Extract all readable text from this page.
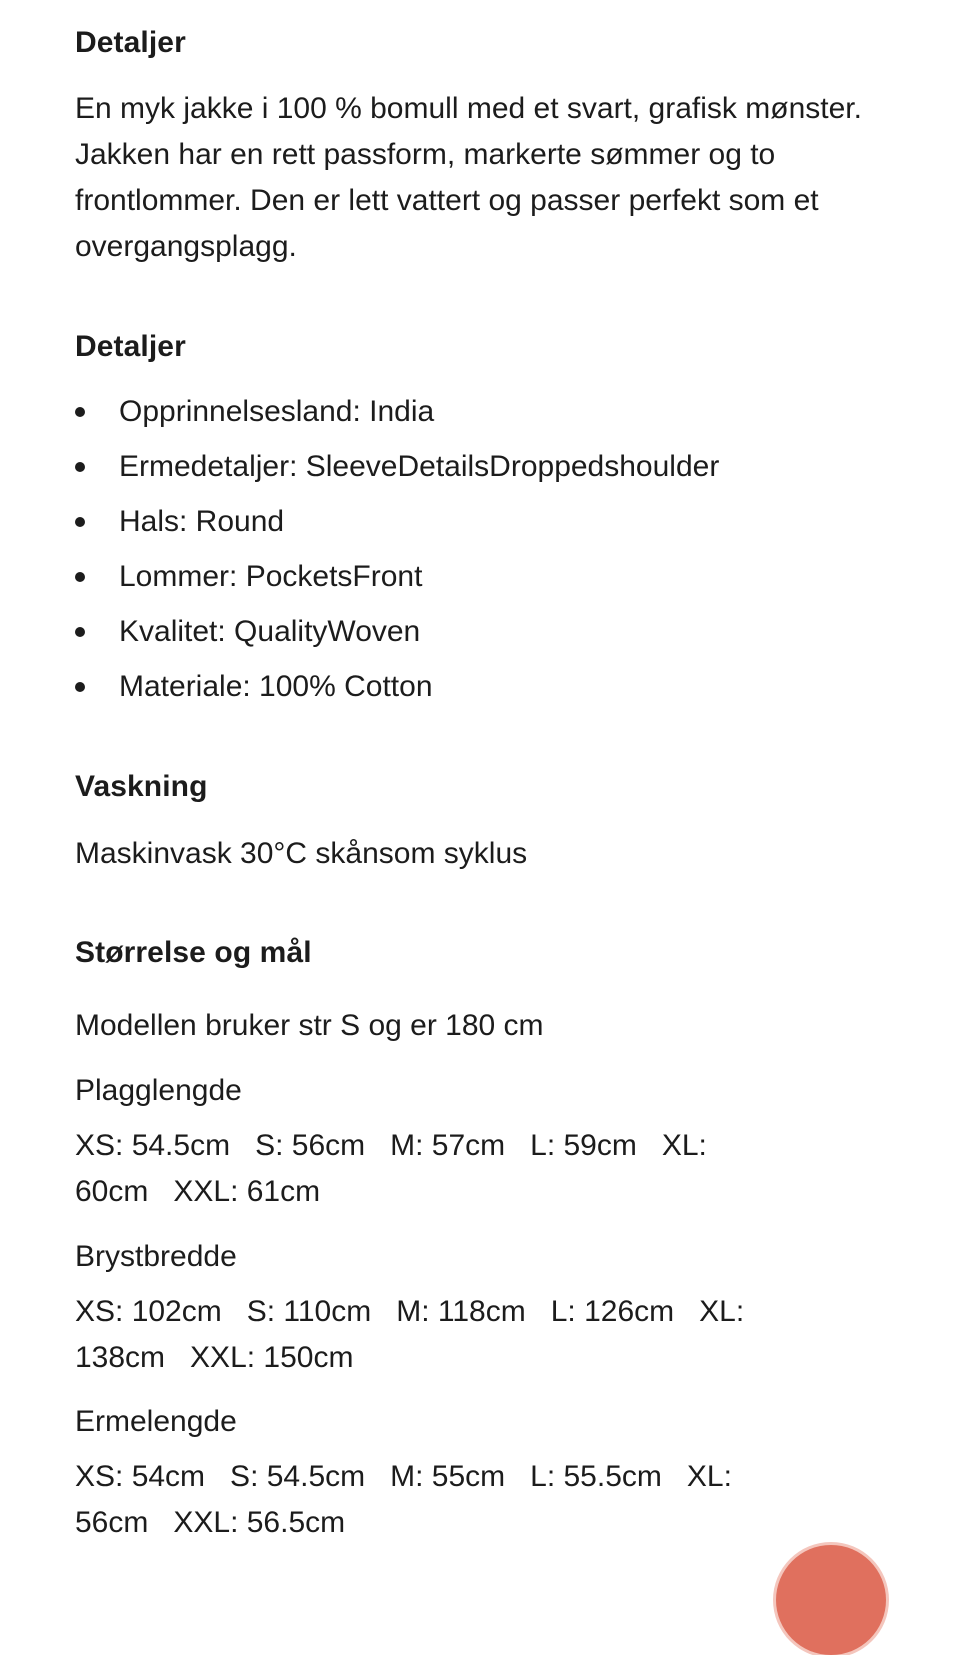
Detaljer

En myk jakke i 100 % bomull med et svart, grafisk mønster. Jakken har en rett passform, markerte sømmer og to frontlommer. Den er lett vattert og passer perfekt som et overgangsplagg.

Detaljer
Opprinnelsesland: India
Ermedetaljer: SleeveDetailsDroppedshoulder
Hals: Round
Lommer: PocketsFront
Kvalitet: QualityWoven
Materiale: 100% Cotton
Vaskning

Maskinvask 30°C skånsom syklus

Størrelse og mål

Modellen bruker str S og er 180 cm

Plagglengde

XS: 54.5cm   S: 56cm   M: 57cm   L: 59cm   XL:
60cm   XXL: 61cm

Brystbredde

XS: 102cm   S: 110cm   M: 118cm   L: 126cm   XL:
138cm   XXL: 150cm

Ermelengde

XS: 54cm   S: 54.5cm   M: 55cm   L: 55.5cm   XL:
56cm   XXL: 56.5cm
